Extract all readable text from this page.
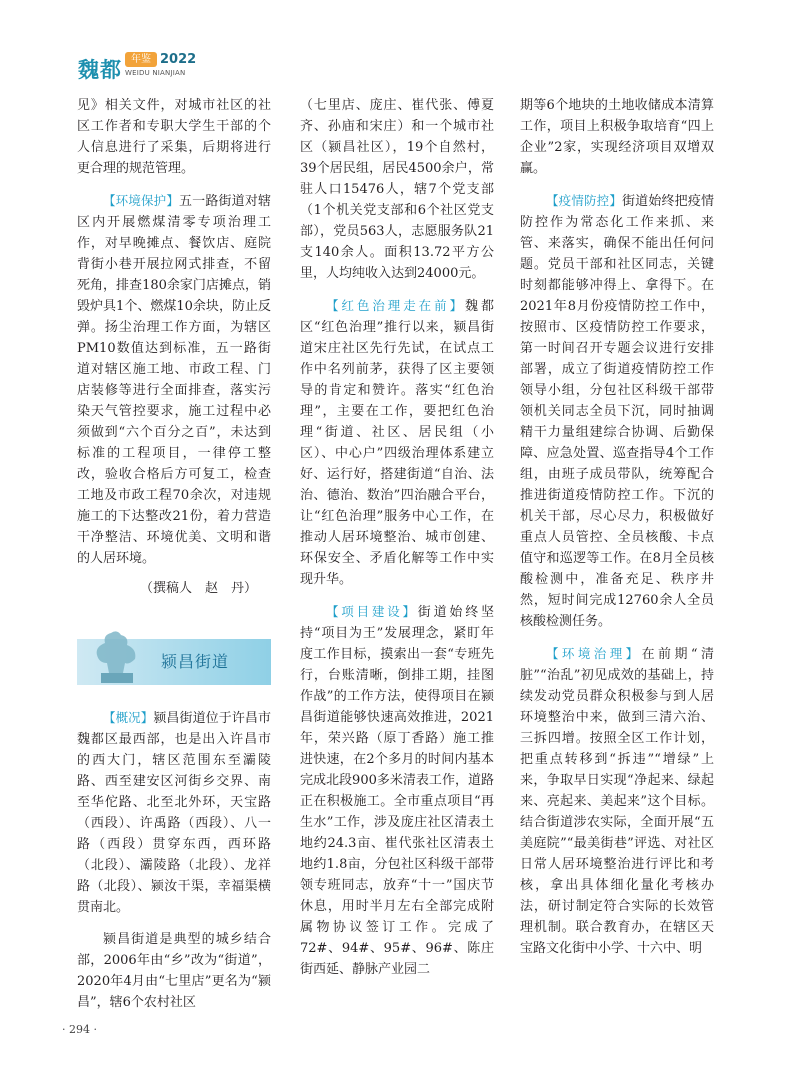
魏都 年鉴 2022
WEIDU NIANJIAN

见》相关文件，对城市社区的社区工作者和专职大学生干部的个人信息进行了采集，后期将进行更合理的规范管理。

【环境保护】五一路街道对辖区内开展燃煤清零专项治理工作，对早晚摊点、餐饮店、庭院背街小巷开展拉网式排查，不留死角，排查180余家门店摊点，销毁炉具1个、燃煤10余块，防止反弹。扬尘治理工作方面，为辖区PM10数值达到标准，五一路街道对辖区施工地、市政工程、门店装修等进行全面排查，落实污染天气管控要求，施工过程中必须做到“六个百分之百”，未达到标准的工程项目，一律停工整改，验收合格后方可复工，检查工地及市政工程70余次，对违规施工的下达整改21份，着力营造干净整洁、环境优美、文明和谐的人居环境。

（撰稿人　赵　丹）

颍昌街道

【概况】颍昌街道位于许昌市魏都区最西部，也是出入许昌市的西大门，辖区范围东至灞陵路、西至建安区河街乡交界、南至华佗路、北至北外环，天宝路（西段）、许禹路（西段）、八一路（西段）贯穿东西，西环路（北段）、灞陵路（北段）、龙祥路（北段）、颍汝干渠，幸福渠横贯南北。

颍昌街道是典型的城乡结合部，2006年由“乡”改为“街道”，2020年4月由“七里店”更名为“颍昌”，辖6个农村社区

（七里店、庞庄、崔代张、傅夏齐、孙庙和宋庄）和一个城市社区（颍昌社区），19个自然村，39个居民组，居民4500余户，常驻人口15476人，辖7个党支部（1个机关党支部和6个社区党支部），党员563人，志愿服务队21支140余人。面积13.72平方公里，人均纯收入达到24000元。

【红色治理走在前】魏都区“红色治理”推行以来，颍昌街道宋庄社区先行先试，在试点工作中名列前茅，获得了区主要领导的肯定和赞许。落实“红色治理”，主要在工作，要把红色治理“街道、社区、居民组（小区）、中心户”四级治理体系建立好、运行好，搭建街道“自治、法治、德治、数治”四治融合平台，让“红色治理”服务中心工作，在推动人居环境整治、城市创建、环保安全、矛盾化解等工作中实现升华。

【项目建设】街道始终坚持“项目为王”发展理念，紧盯年度工作目标，摸索出一套“专班先行，台账清晰，倒排工期，挂图作战”的工作方法，使得项目在颍昌街道能够快速高效推进，2021年，荣兴路（原丁香路）施工推进快速，在2个多月的时间内基本完成北段900多米清表工作，道路正在积极施工。全市重点项目“再生水”工作，涉及庞庄社区清表土地约24.3亩、崔代张社区清表土地约1.8亩，分包社区科级干部带领专班同志，放弃“十一”国庆节休息，用时半月左右全部完成附属物协议签订工作。完成了72#、94#、95#、96#、陈庄街西延、静脉产业园二

期等6个地块的土地收储成本清算工作，项目上积极争取培育“四上企业”2家，实现经济项目双增双赢。

【疫情防控】街道始终把疫情防控作为常态化工作来抓、来管、来落实，确保不能出任何问题。党员干部和社区同志，关键时刻都能够冲得上、拿得下。在2021年8月份疫情防控工作中，按照市、区疫情防控工作要求，第一时间召开专题会议进行安排部署，成立了街道疫情防控工作领导小组，分包社区科级干部带领机关同志全员下沉，同时抽调精干力量组建综合协调、后勤保障、应急处置、巡查指导4个工作组，由班子成员带队，统筹配合推进街道疫情防控工作。下沉的机关干部，尽心尽力，积极做好重点人员管控、全员核酸、卡点值守和巡逻等工作。在8月全员核酸检测中，准备充足、秩序井然，短时间完成12760余人全员核酸检测任务。

【环境治理】在前期“清脏”“治乱”初见成效的基础上，持续发动党员群众积极参与到人居环境整治中来，做到三清六治、三拆四增。按照全区工作计划，把重点转移到“拆违”“增绿”上来，争取早日实现“净起来、绿起来、亮起来、美起来”这个目标。结合街道涉农实际，全面开展“五美庭院”“最美街巷”评选、对社区日常人居环境整治进行评比和考核，拿出具体细化量化考核办法，研讨制定符合实际的长效管理机制。联合教育办，在辖区天宝路文化街中小学、十六中、明

· 294 ·
